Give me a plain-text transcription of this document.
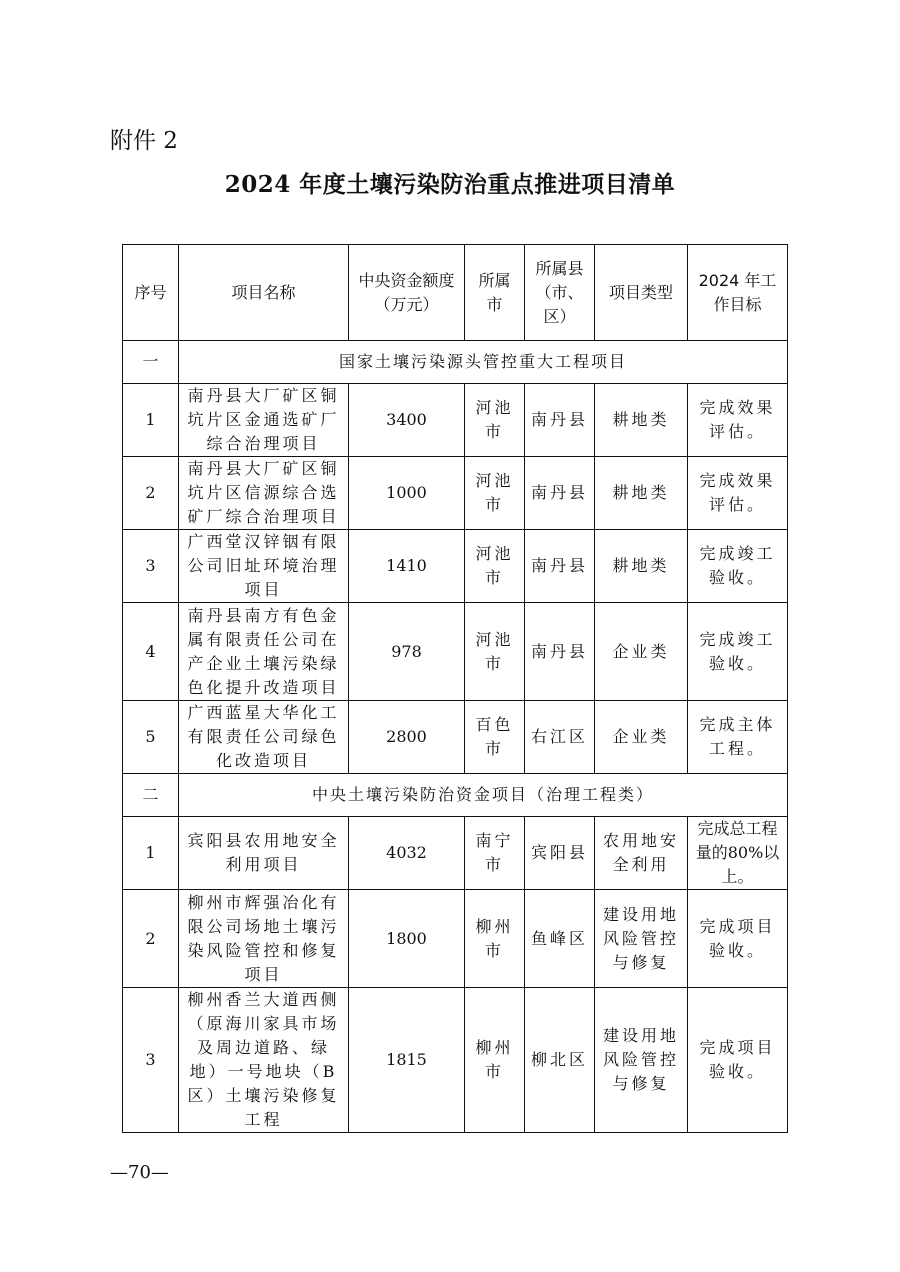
附件 2
2024 年度土壤污染防治重点推进项目清单
序号	项目名称	中央资金额度（万元）	所属市	所属县（市、区）	项目类型	2024 年工作目标
一	国家土壤污染源头管控重大工程项目					
1	南丹县大厂矿区铜坑片区金通选矿厂综合治理项目	3400	河池市	南丹县	耕地类	完成效果评估。
2	南丹县大厂矿区铜坑片区信源综合选矿厂综合治理项目	1000	河池市	南丹县	耕地类	完成效果评估。
3	广西堂汉锌铟有限公司旧址环境治理项目	1410	河池市	南丹县	耕地类	完成竣工验收。
4	南丹县南方有色金属有限责任公司在产企业土壤污染绿色化提升改造项目	978	河池市	南丹县	企业类	完成竣工验收。
5	广西蓝星大华化工有限责任公司绿色化改造项目	2800	百色市	右江区	企业类	完成主体工程。
二	中央土壤污染防治资金项目（治理工程类）					
1	宾阳县农用地安全利用项目	4032	南宁市	宾阳县	农用地安全利用	完成总工程量的80%以上。
2	柳州市辉强冶化有限公司场地土壤污染风险管控和修复项目	1800	柳州市	鱼峰区	建设用地风险管控与修复	完成项目验收。
3	柳州香兰大道西侧（原海川家具市场及周边道路、绿地）一号地块（B区）土壤污染修复工程	1815	柳州市	柳北区	建设用地风险管控与修复	完成项目验收。
—70—
